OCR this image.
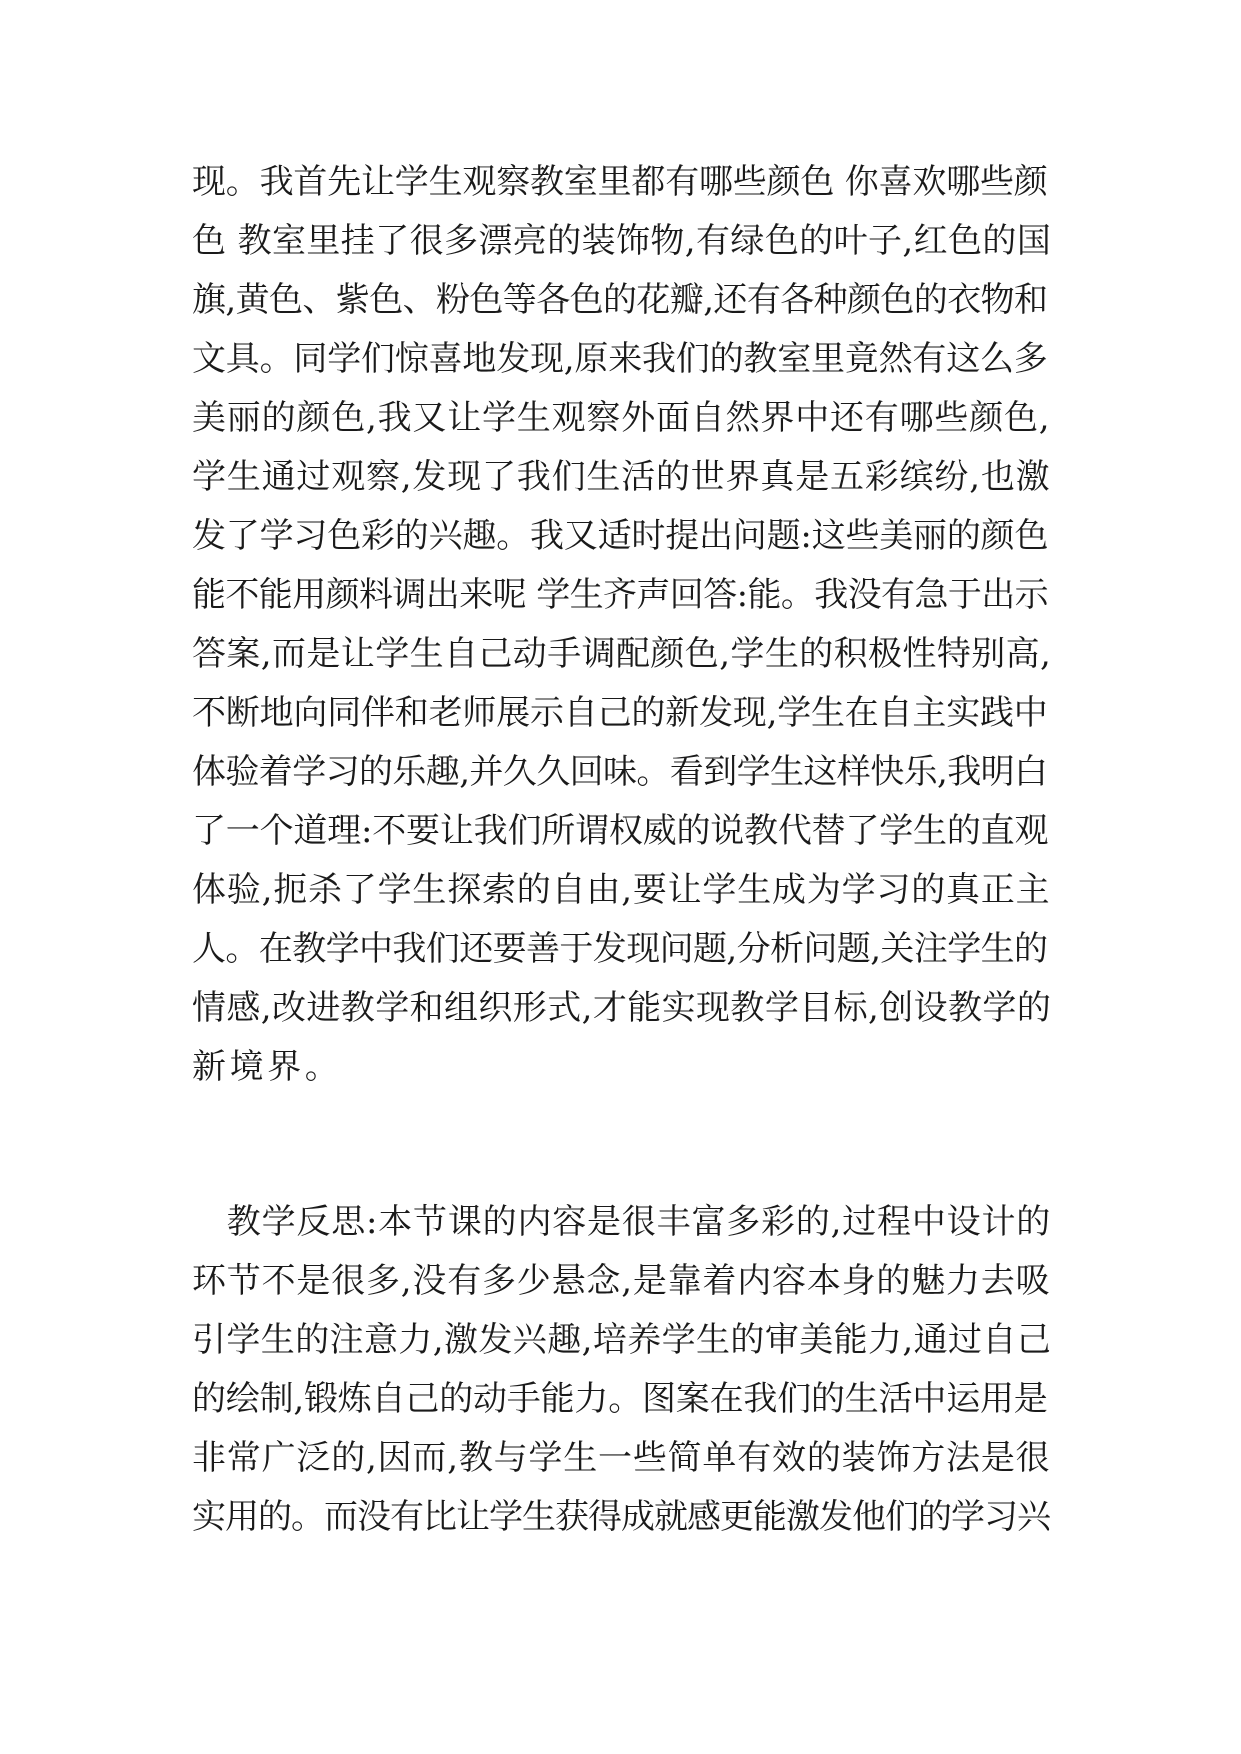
现。我首先让学生观察教室里都有哪些颜色 你喜欢哪些颜
色 教室里挂了很多漂亮的装饰物,有绿色的叶子,红色的国
旗,黄色、紫色、粉色等各色的花瓣,还有各种颜色的衣物和
文具。同学们惊喜地发现,原来我们的教室里竟然有这么多
美丽的颜色,我又让学生观察外面自然界中还有哪些颜色,
学生通过观察,发现了我们生活的世界真是五彩缤纷,也激
发了学习色彩的兴趣。我又适时提出问题:这些美丽的颜色
能不能用颜料调出来呢 学生齐声回答:能。我没有急于出示
答案,而是让学生自己动手调配颜色,学生的积极性特别高,
不断地向同伴和老师展示自己的新发现,学生在自主实践中
体验着学习的乐趣,并久久回味。看到学生这样快乐,我明白
了一个道理:不要让我们所谓权威的说教代替了学生的直观
体验,扼杀了学生探索的自由,要让学生成为学习的真正主
人。在教学中我们还要善于发现问题,分析问题,关注学生的
情感,改进教学和组织形式,才能实现教学目标,创设教学的
新境界。
　教学反思:本节课的内容是很丰富多彩的,过程中设计的
环节不是很多,没有多少悬念,是靠着内容本身的魅力去吸
引学生的注意力,激发兴趣,培养学生的审美能力,通过自己
的绘制,锻炼自己的动手能力。图案在我们的生活中运用是
非常广泛的,因而,教与学生一些简单有效的装饰方法是很
实用的。而没有比让学生获得成就感更能激发他们的学习兴
